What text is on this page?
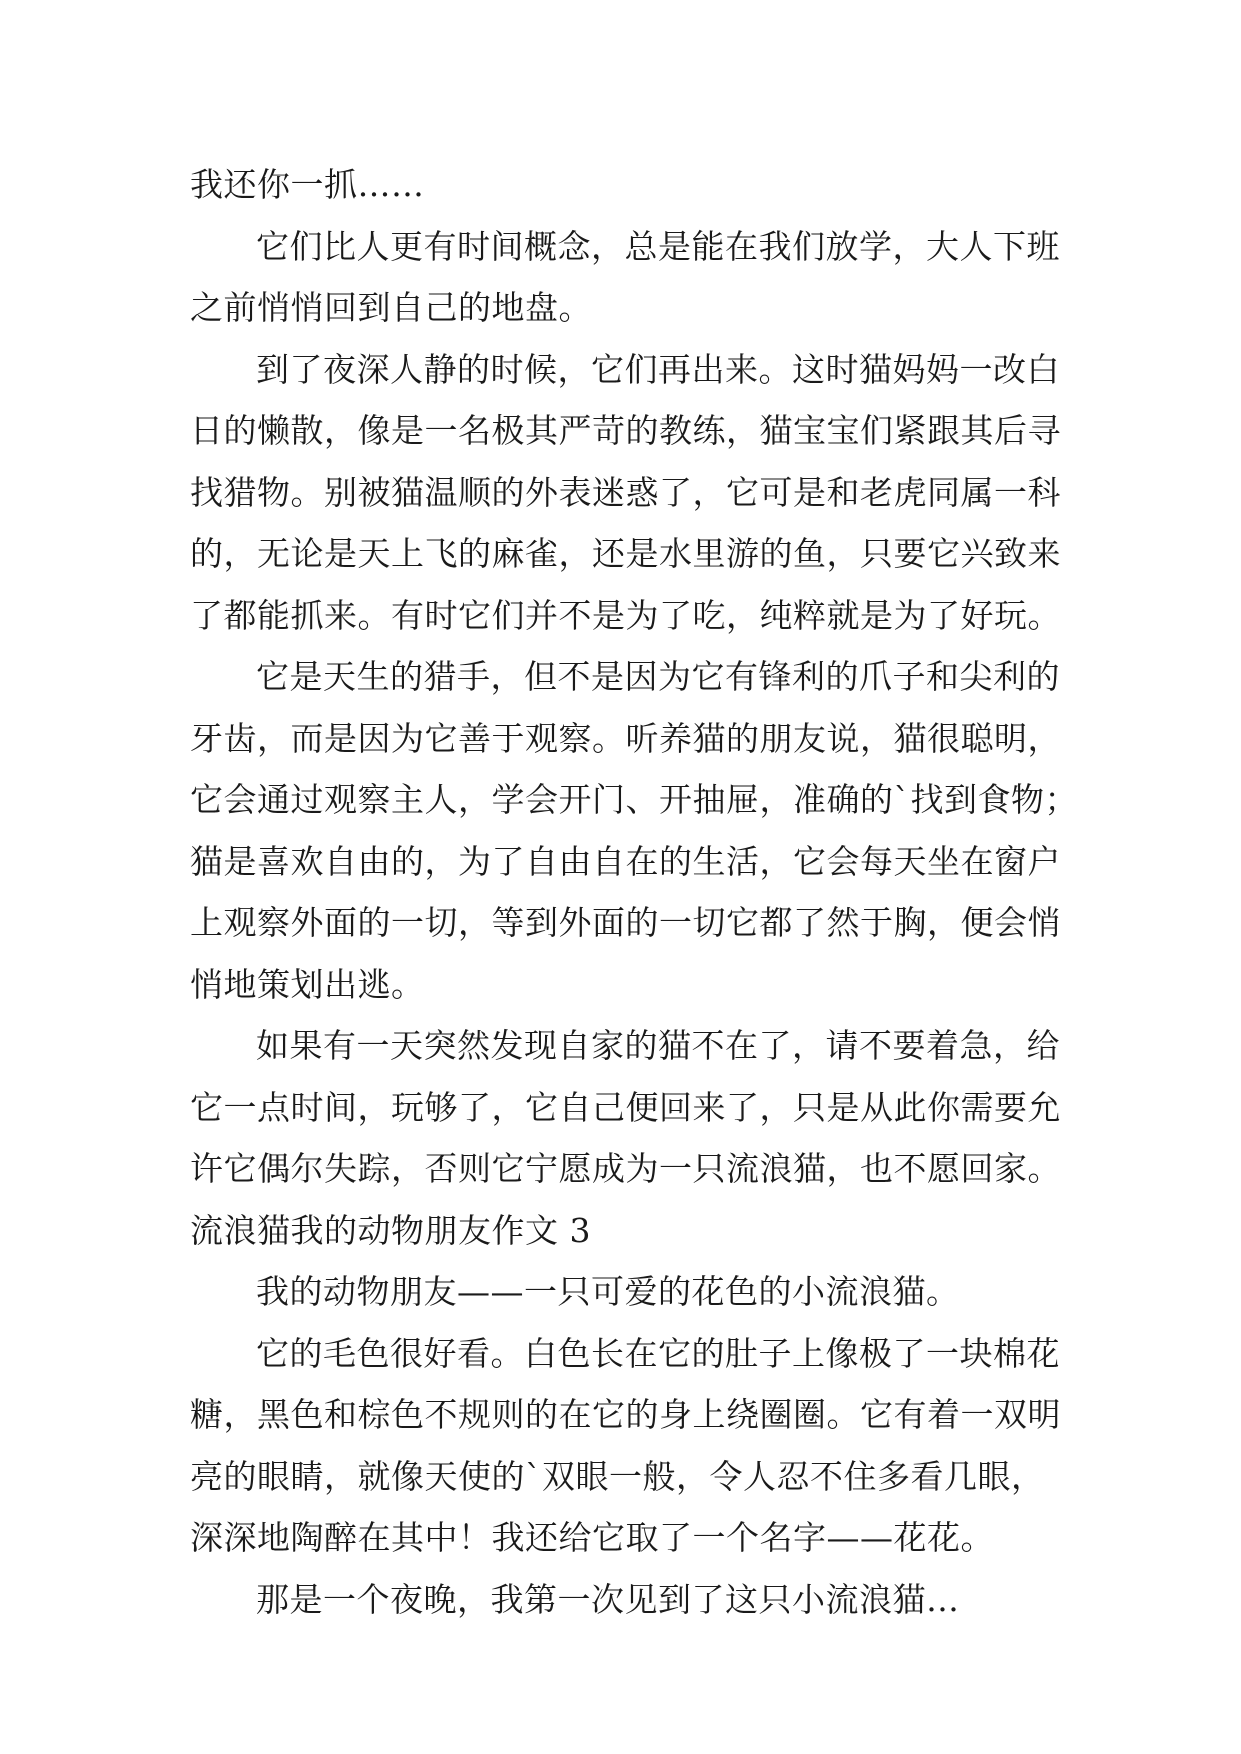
我还你一抓……
它们比人更有时间概念，总是能在我们放学，大人下班
之前悄悄回到自己的地盘。
到了夜深人静的时候，它们再出来。这时猫妈妈一改白
日的懒散，像是一名极其严苛的教练，猫宝宝们紧跟其后寻
找猎物。别被猫温顺的外表迷惑了，它可是和老虎同属一科
的，无论是天上飞的麻雀，还是水里游的鱼，只要它兴致来
了都能抓来。有时它们并不是为了吃，纯粹就是为了好玩。
它是天生的猎手，但不是因为它有锋利的爪子和尖利的
牙齿，而是因为它善于观察。听养猫的朋友说，猫很聪明，
它会通过观察主人，学会开门、开抽屉，准确的`找到食物；
猫是喜欢自由的，为了自由自在的生活，它会每天坐在窗户
上观察外面的一切，等到外面的一切它都了然于胸，便会悄
悄地策划出逃。
如果有一天突然发现自家的猫不在了，请不要着急，给
它一点时间，玩够了，它自己便回来了，只是从此你需要允
许它偶尔失踪，否则它宁愿成为一只流浪猫，也不愿回家。
流浪猫我的动物朋友作文 3
我的动物朋友——一只可爱的花色的小流浪猫。
它的毛色很好看。白色长在它的肚子上像极了一块棉花
糖，黑色和棕色不规则的在它的身上绕圈圈。它有着一双明
亮的眼睛，就像天使的`双眼一般，令人忍不住多看几眼，
深深地陶醉在其中！我还给它取了一个名字——花花。
那是一个夜晚，我第一次见到了这只小流浪猫…
